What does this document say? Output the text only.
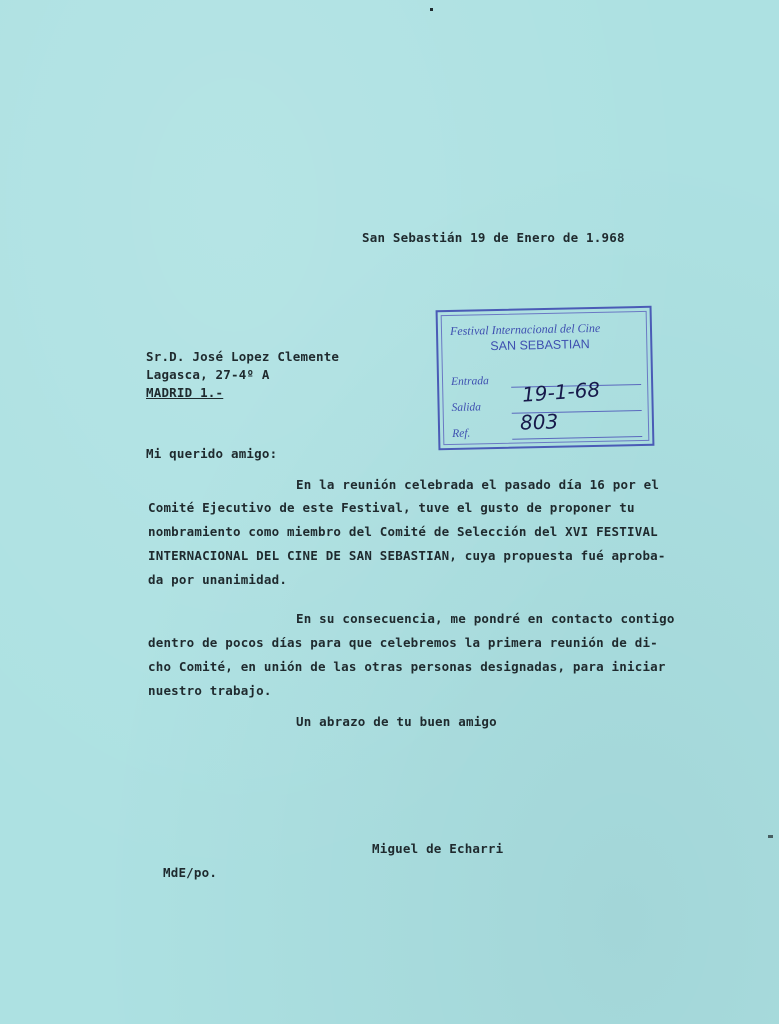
San Sebastián 19 de Enero de 1.968
Sr.D. José Lopez Clemente
Lagasca, 27-4º A
MADRID 1.-
Festival Internacional del Cine
SAN SEBASTIAN
Entrada
Salida
Ref.
19-1-68
803
Mi querido amigo:
En la reunión celebrada el pasado día 16 por el
Comité Ejecutivo de este Festival, tuve el gusto de proponer tu
nombramiento como miembro del Comité de Selección del XVI FESTIVAL
INTERNACIONAL DEL CINE DE SAN SEBASTIAN, cuya propuesta fué aproba-
da por unanimidad.
En su consecuencia, me pondré en contacto contigo
dentro de pocos días para que celebremos la primera reunión de di-
cho Comité, en unión de las otras personas designadas, para iniciar
nuestro trabajo.
Un abrazo de tu buen amigo
Miguel de Echarri
MdE/po.
